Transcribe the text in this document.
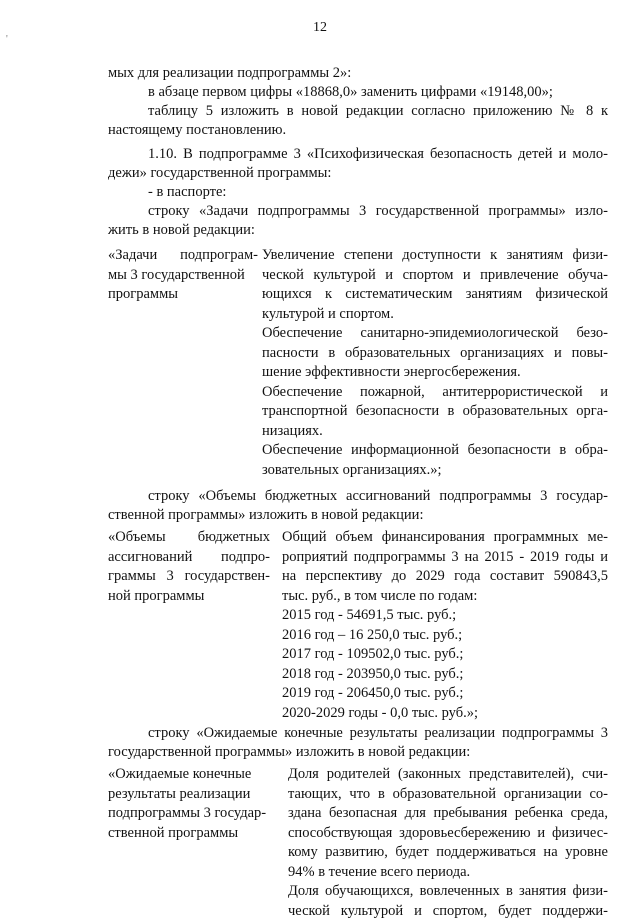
12
мых для реализации подпрограммы 2»:
в абзаце первом цифры «18868,0» заменить цифрами «19148,00»;
таблицу 5 изложить в новой редакции согласно приложению № 8 к
настоящему постановлению.
1.10. В подпрограмме 3 «Психофизическая безопасность детей и моло-
дежи» государственной программы:
- в паспорте:
строку «Задачи подпрограммы 3 государственной программы» изло-
жить в новой редакции:
«Задачи подпрограм-
мы 3 государственной
программы
Увеличение степени доступности к занятиям физи-
ческой культурой и спортом и привлечение обуча-
ющихся к систематическим занятиям физической
культурой и спортом.
Обеспечение санитарно-эпидемиологической безо-
пасности в образовательных организациях и повы-
шение эффективности энергосбережения.
Обеспечение пожарной, антитеррористической и
транспортной безопасности в образовательных орга-
низациях.
Обеспечение информационной безопасности в обра-
зовательных организациях.»;
строку «Объемы бюджетных ассигнований подпрограммы 3 государ-
ственной программы» изложить в новой редакции:
«Объемы бюджетных
ассигнований подпро-
граммы 3 государствен-
ной программы
Общий объем финансирования программных ме-
роприятий подпрограммы 3 на 2015 - 2019 годы и
на перспективу до 2029 года составит 590843,5
тыс. руб., в том числе по годам:
2015 год - 54691,5 тыс. руб.;
2016 год – 16 250,0 тыс. руб.;
2017 год - 109502,0 тыс. руб.;
2018 год - 203950,0 тыс. руб.;
2019 год - 206450,0 тыс. руб.;
2020-2029 годы - 0,0 тыс. руб.»;
строку «Ожидаемые конечные результаты реализации подпрограммы 3
государственной программы» изложить в новой редакции:
«Ожидаемые конечные
результаты реализации
подпрограммы 3 государ-
ственной программы
Доля родителей (законных представителей), счи-
тающих, что в образовательной организации со-
здана безопасная для пребывания ребенка среда,
способствующая здоровьесбережению и физичес-
кому развитию, будет поддерживаться на уровне
94% в течение всего периода.
Доля обучающихся, вовлеченных в занятия физи-
ческой культурой и спортом, будет поддержи-
'
